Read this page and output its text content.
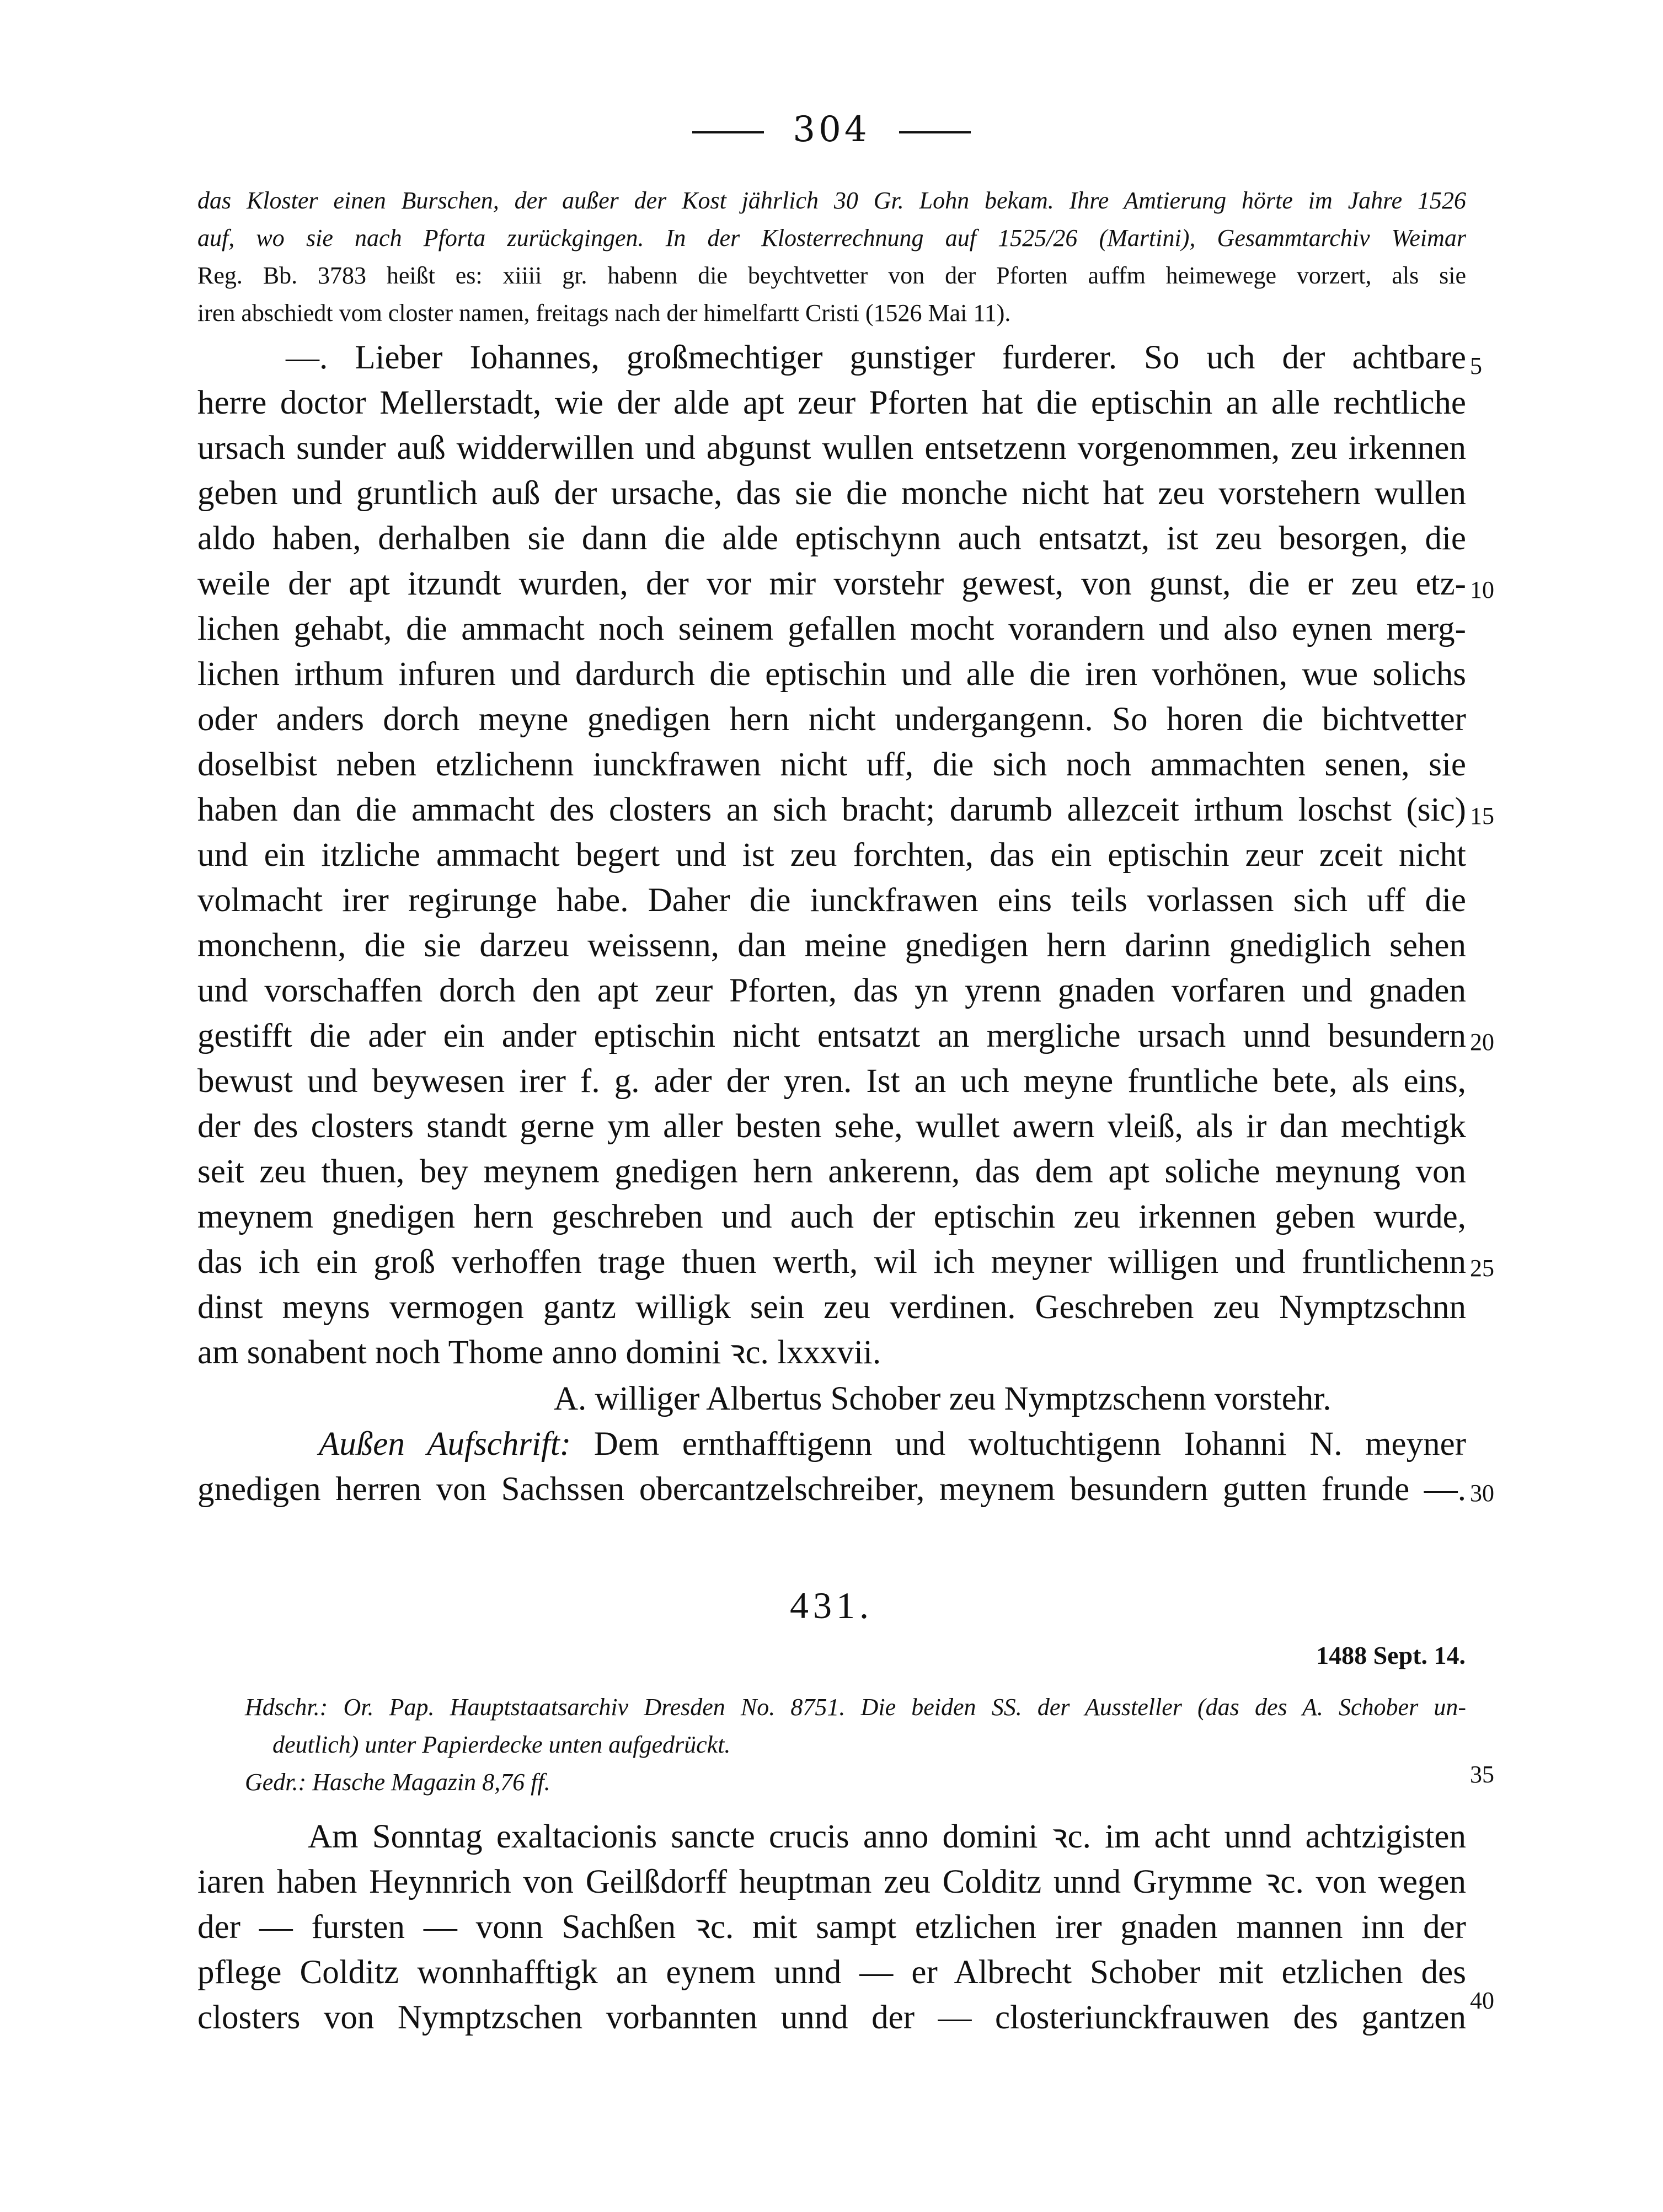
304
das Kloster einen Burschen, der außer der Kost jährlich 30 Gr. Lohn bekam. Ihre Amtierung hörte im Jahre 1526
auf, wo sie nach Pforta zurückgingen. In der Klosterrechnung auf 1525/26 (Martini), Gesammtarchiv Weimar
Reg. Bb. 3783 heißt es: xiiii gr. habenn die beychtvetter von der Pforten auffm heimewege vorzert, als sie
iren abschiedt vom closter namen, freitags nach der himelfartt Cristi (1526 Mai 11).
—. Lieber Iohannes, großmechtiger gunstiger furderer. So uch der achtbare
herre doctor Mellerstadt, wie der alde apt zeur Pforten hat die eptischin an alle rechtliche
ursach sunder auß widderwillen und abgunst wullen entsetzenn vorgenommen, zeu irkennen
geben und gruntlich auß der ursache, das sie die monche nicht hat zeu vorstehern wullen
aldo haben, derhalben sie dann die alde eptischynn auch entsatzt, ist zeu besorgen, die
weile der apt itzundt wurden, der vor mir vorstehr gewest, von gunst, die er zeu etz-
lichen gehabt, die ammacht noch seinem gefallen mocht vorandern und also eynen merg-
lichen irthum infuren und dardurch die eptischin und alle die iren vorhönen, wue solichs
oder anders dorch meyne gnedigen hern nicht undergangenn. So horen die bichtvetter
doselbist neben etzlichenn iunckfrawen nicht uff, die sich noch ammachten senen, sie
haben dan die ammacht des closters an sich bracht; darumb allezceit irthum loschst (sic)
und ein itzliche ammacht begert und ist zeu forchten, das ein eptischin zeur zceit nicht
volmacht irer regirunge habe. Daher die iunckfrawen eins teils vorlassen sich uff die
monchenn, die sie darzeu weissenn, dan meine gnedigen hern darinn gnediglich sehen
und vorschaffen dorch den apt zeur Pforten, das yn yrenn gnaden vorfaren und gnaden
gestifft die ader ein ander eptischin nicht entsatzt an mergliche ursach unnd besundern
bewust und beywesen irer f. g. ader der yren. Ist an uch meyne fruntliche bete, als eins,
der des closters standt gerne ym aller besten sehe, wullet awern vleiß, als ir dan mechtigk
seit zeu thuen, bey meynem gnedigen hern ankerenn, das dem apt soliche meynung von
meynem gnedigen hern geschreben und auch der eptischin zeu irkennen geben wurde,
das ich ein groß verhoffen trage thuen werth, wil ich meyner willigen und fruntlichenn
dinst meyns vermogen gantz willigk sein zeu verdinen. Geschreben zeu Nymptzschnn
am sonabent noch Thome anno domini ꝛc. lxxxvii.
A. williger Albertus Schober zeu Nymptzschenn vorstehr.
Außen Aufschrift: Dem ernthafftigenn und woltuchtigenn Iohanni N. meyner
gnedigen herren von Sachssen obercantzelschreiber, meynem besundern gutten frunde —.
5
10
15
20
25
30
35
40
431.
1488 Sept. 14.
Hdschr.: Or. Pap. Hauptstaatsarchiv Dresden No. 8751. Die beiden SS. der Aussteller (das des A. Schober un-
deutlich) unter Papierdecke unten aufgedrückt.
Gedr.: Hasche Magazin 8,76 ff.
Am Sonntag exaltacionis sancte crucis anno domini ꝛc. im acht unnd achtzigisten
iaren haben Heynnrich von Geilßdorff heuptman zeu Colditz unnd Grymme ꝛc. von wegen
der — fursten — vonn Sachßen ꝛc. mit sampt etzlichen irer gnaden mannen inn der
pflege Colditz wonnhafftigk an eynem unnd — er Albrecht Schober mit etzlichen des
closters von Nymptzschen vorbannten unnd der — closteriunckfrauwen des gantzen
